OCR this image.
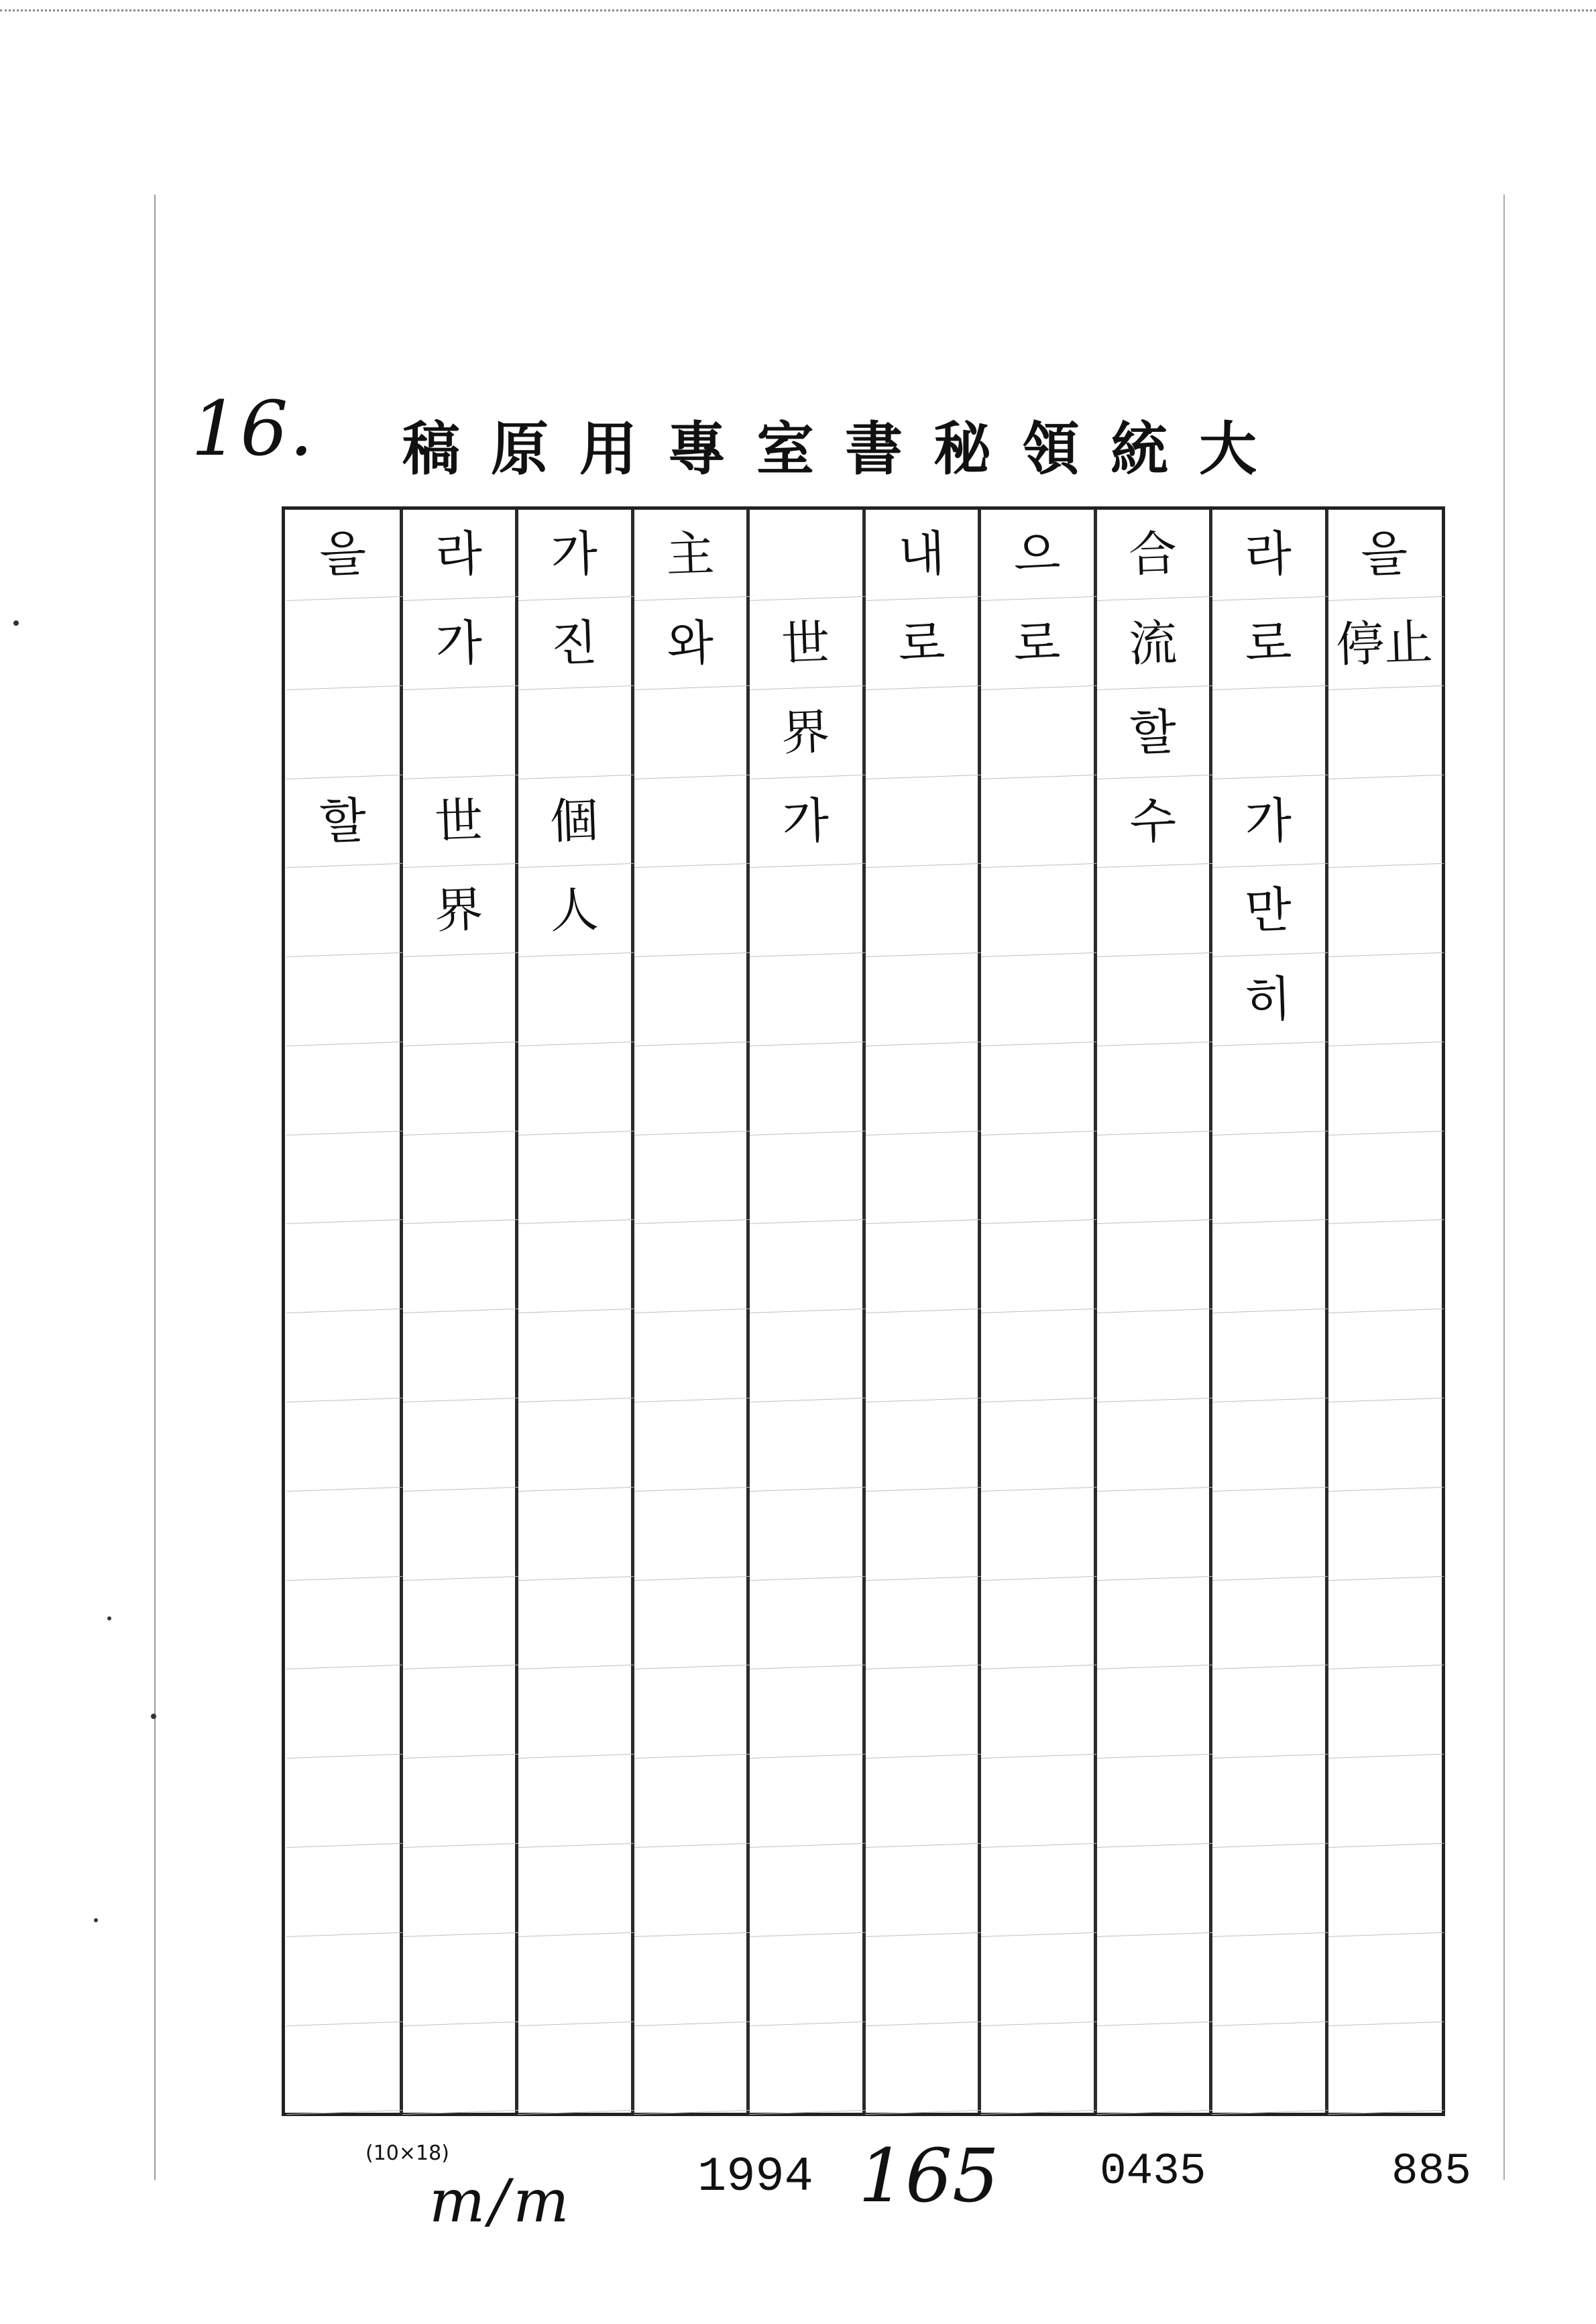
16. 大統領秘書室專用原稿
을
停止
라
로
가
만
히
合
流
할
수
으
로
내
로
世
界
가
主
와
가
진
個
人
라
가
世
界
을
할
(10×18)
m/m	1994 165 0435	885
